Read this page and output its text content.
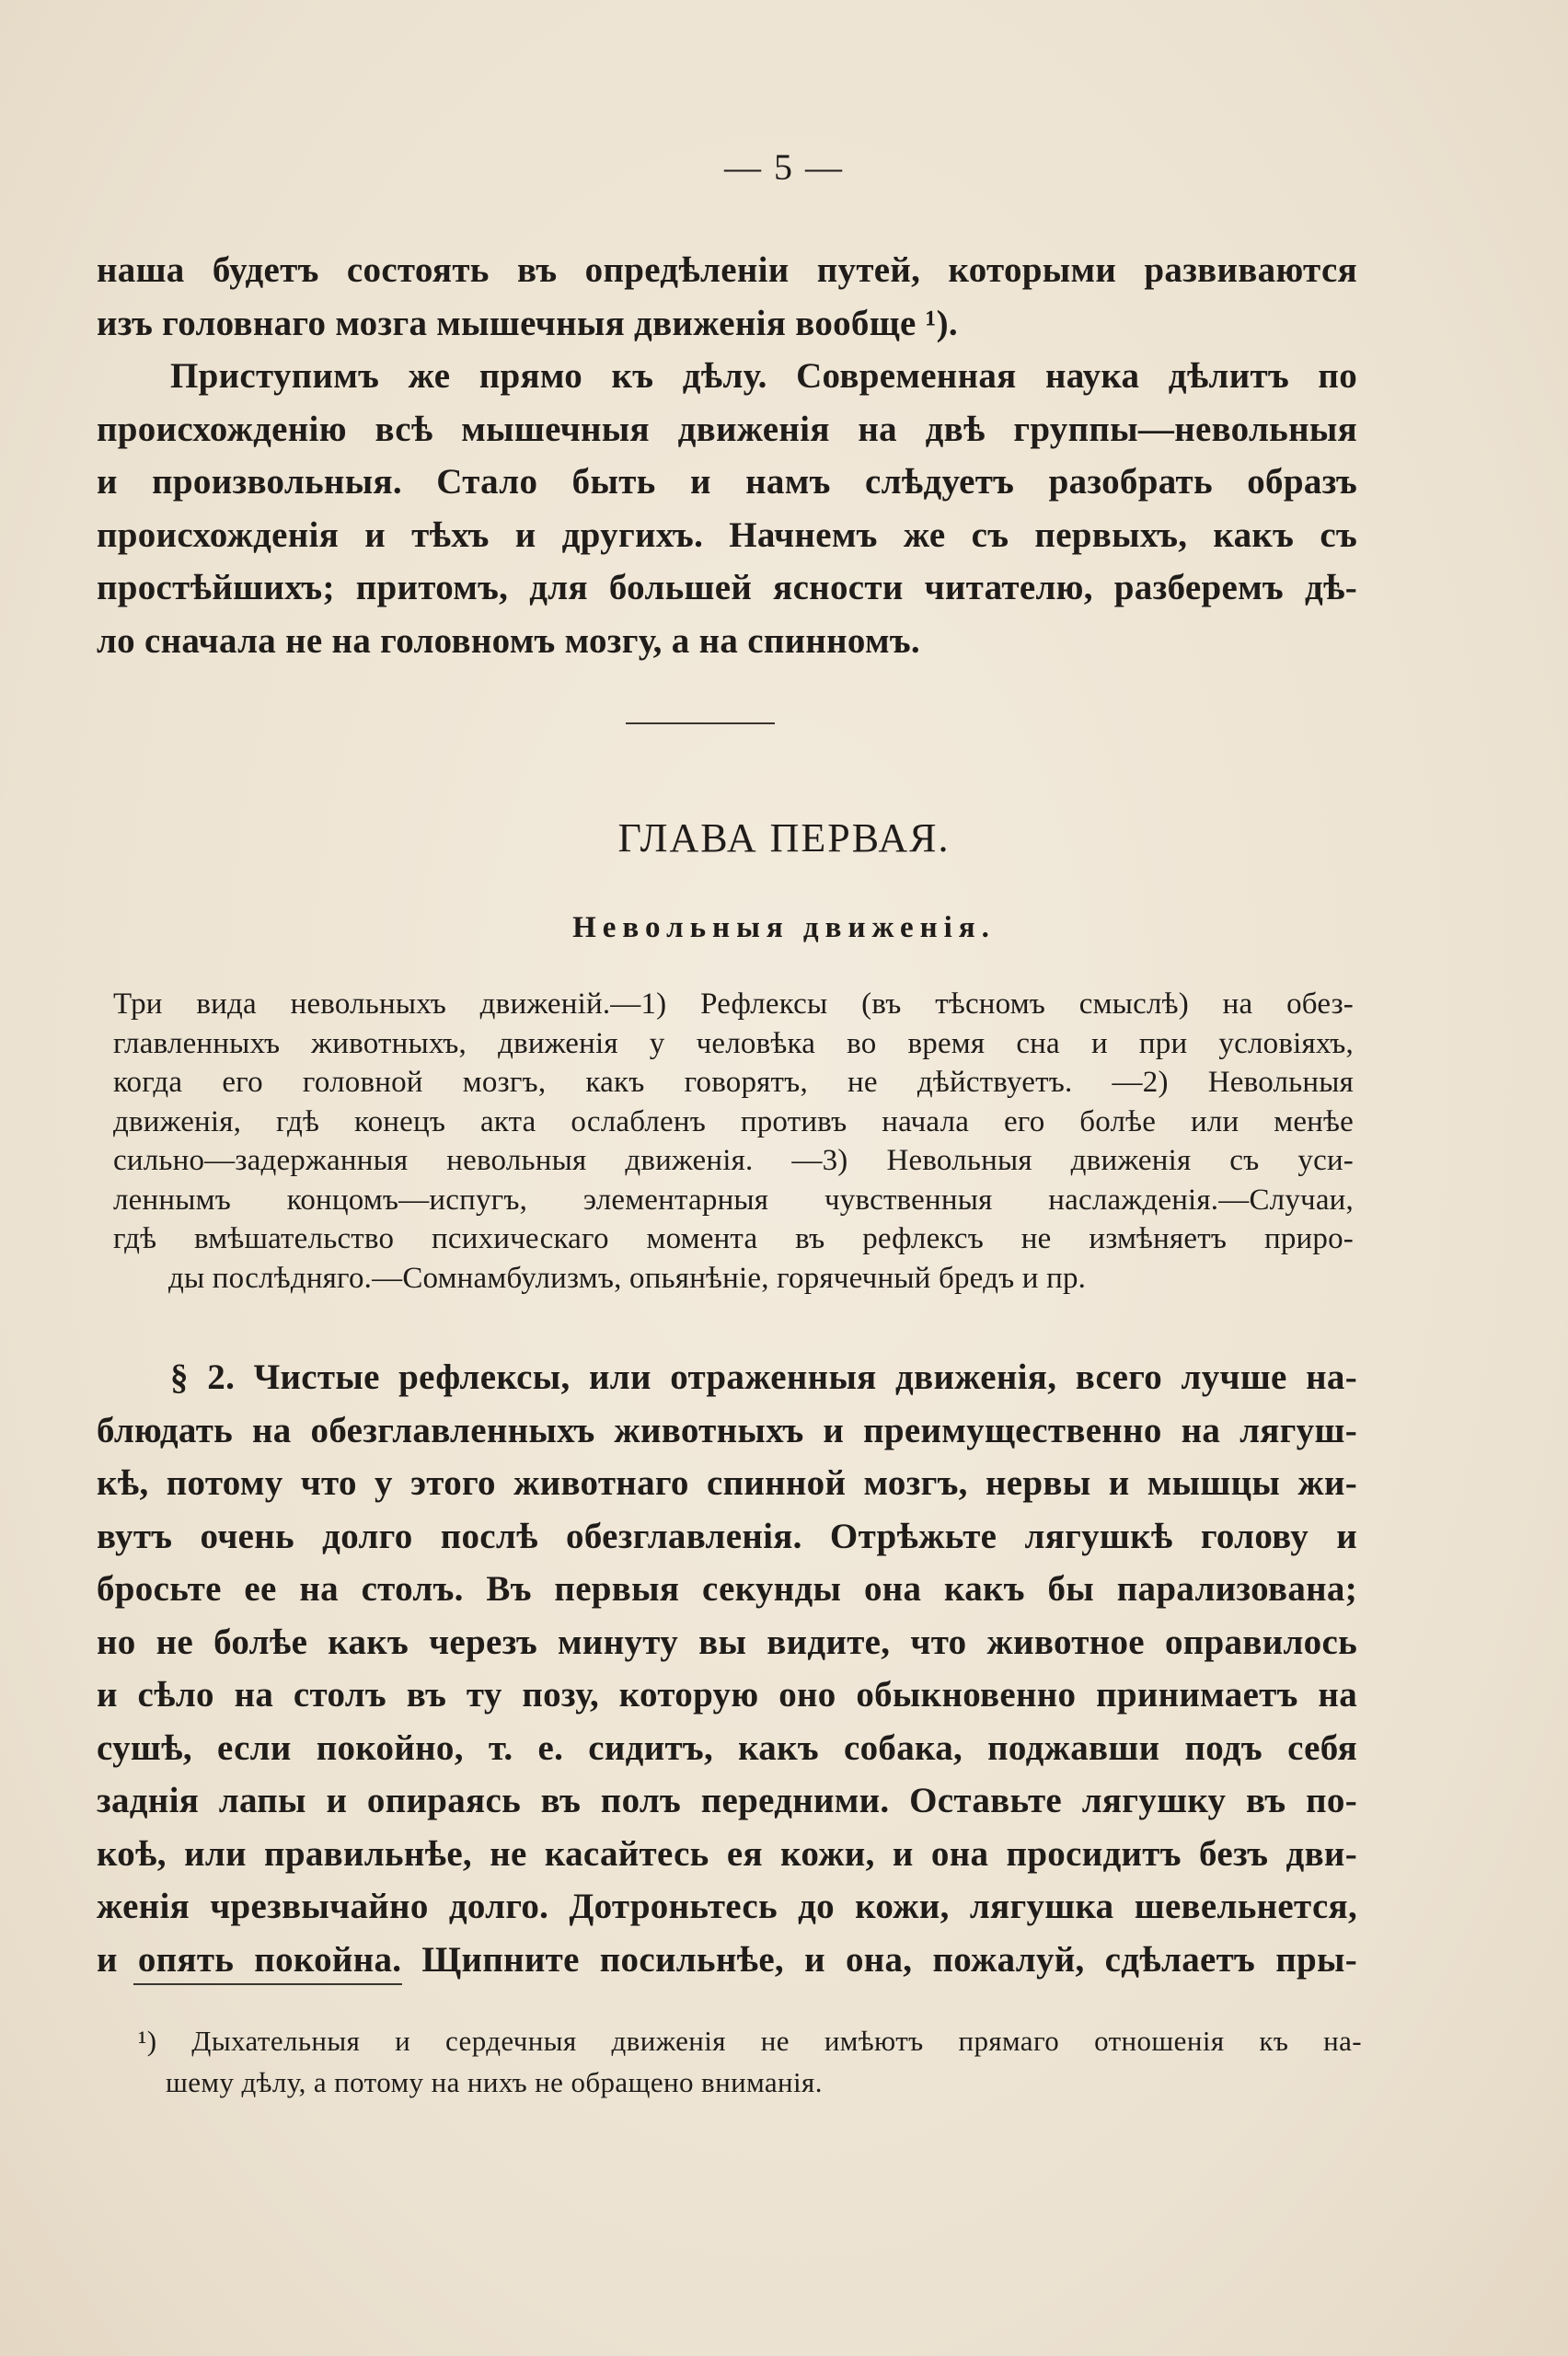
— 5 —
наша будетъ состоять въ опредѣленіи путей, которыми развиваются
изъ головнаго мозга мышечныя движенія вообще ¹).
Приступимъ же прямо къ дѣлу. Современная наука дѣлитъ по
происхожденію всѣ мышечныя движенія на двѣ группы—невольныя
и произвольныя. Стало быть и намъ слѣдуетъ разобрать образъ
происхожденія и тѣхъ и другихъ. Начнемъ же съ первыхъ, какъ съ
простѣйшихъ; притомъ, для большей ясности читателю, разберемъ дѣ-
ло сначала не на головномъ мозгу, а на спинномъ.
ГЛАВА ПЕРВАЯ.
Невольныя движенія.
Три вида невольныхъ движеній.—1) Рефлексы (въ тѣсномъ смыслѣ) на обез-
главленныхъ животныхъ, движенія у человѣка во время сна и при условіяхъ,
когда его головной мозгъ, какъ говорятъ, не дѣйствуетъ. —2) Невольныя
движенія, гдѣ конецъ акта ослабленъ противъ начала его болѣе или менѣе
сильно—задержанныя невольныя движенія. —3) Невольныя движенія съ уси-
леннымъ концомъ—испугъ, элементарныя чувственныя наслажденія.—Случаи,
гдѣ вмѣшательство психическаго момента въ рефлексъ не измѣняетъ приро-
ды послѣдняго.—Сомнамбулизмъ, опьянѣніе, горячечный бредъ и пр.
§ 2. Чистые рефлексы, или отраженныя движенія, всего лучше на-
блюдать на обезглавленныхъ животныхъ и преимущественно на лягуш-
кѣ, потому что у этого животнаго спинной мозгъ, нервы и мышцы жи-
вутъ очень долго послѣ обезглавленія. Отрѣжьте лягушкѣ голову и
бросьте ее на столъ. Въ первыя секунды она какъ бы парализована;
но не болѣе какъ черезъ минуту вы видите, что животное оправилось
и сѣло на столъ въ ту позу, которую оно обыкновенно принимаетъ на
сушѣ, если покойно, т. е. сидитъ, какъ собака, поджавши подъ себя
заднія лапы и опираясь въ полъ передними. Оставьте лягушку въ по-
коѣ, или правильнѣе, не касайтесь ея кожи, и она просидитъ безъ дви-
женія чрезвычайно долго. Дотроньтесь до кожи, лягушка шевельнется,
и опять покойна. Щипните посильнѣе, и она, пожалуй, сдѣлаетъ пры-
¹) Дыхательныя и сердечныя движенія не имѣютъ прямаго отношенія къ на-
шему дѣлу, а потому на нихъ не обращено вниманія.
